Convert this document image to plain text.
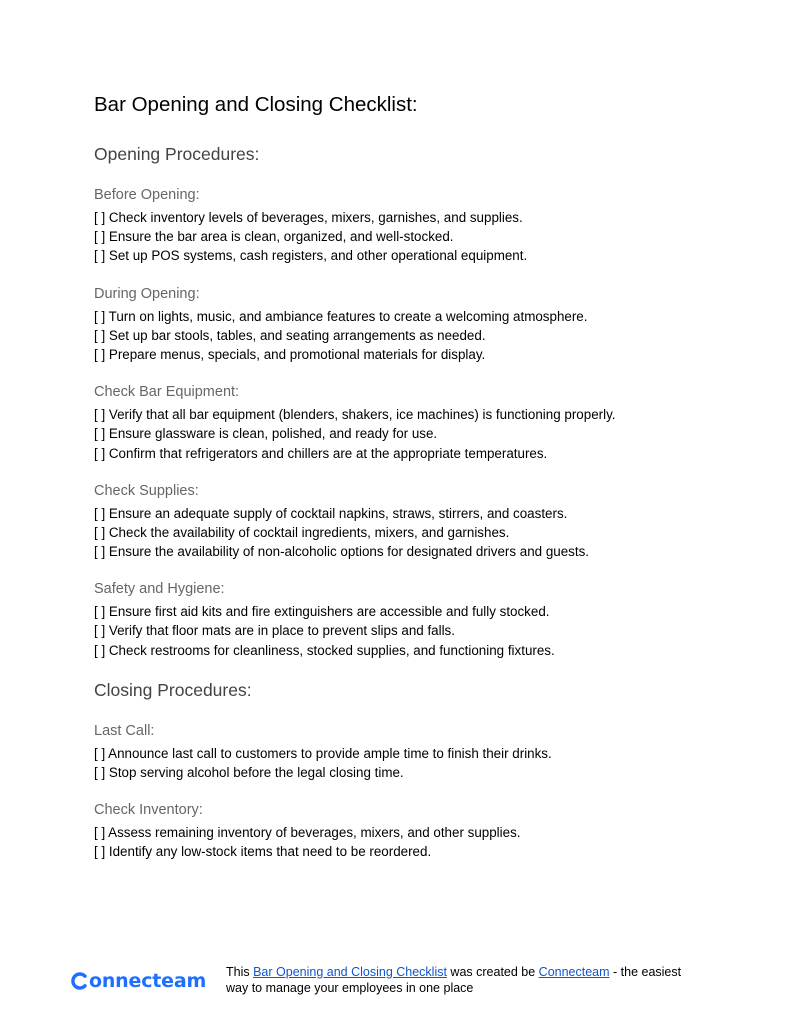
Bar Opening and Closing Checklist:
Opening Procedures:
Before Opening:
[ ] Check inventory levels of beverages, mixers, garnishes, and supplies.
[ ] Ensure the bar area is clean, organized, and well-stocked.
[ ] Set up POS systems, cash registers, and other operational equipment.
During Opening:
[ ] Turn on lights, music, and ambiance features to create a welcoming atmosphere.
[ ] Set up bar stools, tables, and seating arrangements as needed.
[ ] Prepare menus, specials, and promotional materials for display.
Check Bar Equipment:
[ ] Verify that all bar equipment (blenders, shakers, ice machines) is functioning properly.
[ ] Ensure glassware is clean, polished, and ready for use.
[ ] Confirm that refrigerators and chillers are at the appropriate temperatures.
Check Supplies:
[ ] Ensure an adequate supply of cocktail napkins, straws, stirrers, and coasters.
[ ] Check the availability of cocktail ingredients, mixers, and garnishes.
[ ] Ensure the availability of non-alcoholic options for designated drivers and guests.
Safety and Hygiene:
[ ] Ensure first aid kits and fire extinguishers are accessible and fully stocked.
[ ] Verify that floor mats are in place to prevent slips and falls.
[ ] Check restrooms for cleanliness, stocked supplies, and functioning fixtures.
Closing Procedures:
Last Call:
[ ] Announce last call to customers to provide ample time to finish their drinks.
[ ] Stop serving alcohol before the legal closing time.
Check Inventory:
[ ] Assess remaining inventory of beverages, mixers, and other supplies.
[ ] Identify any low-stock items that need to be reordered.
onnecteam This Bar Opening and Closing Checklist was created be Connecteam - the easiest way to manage your employees in one place
